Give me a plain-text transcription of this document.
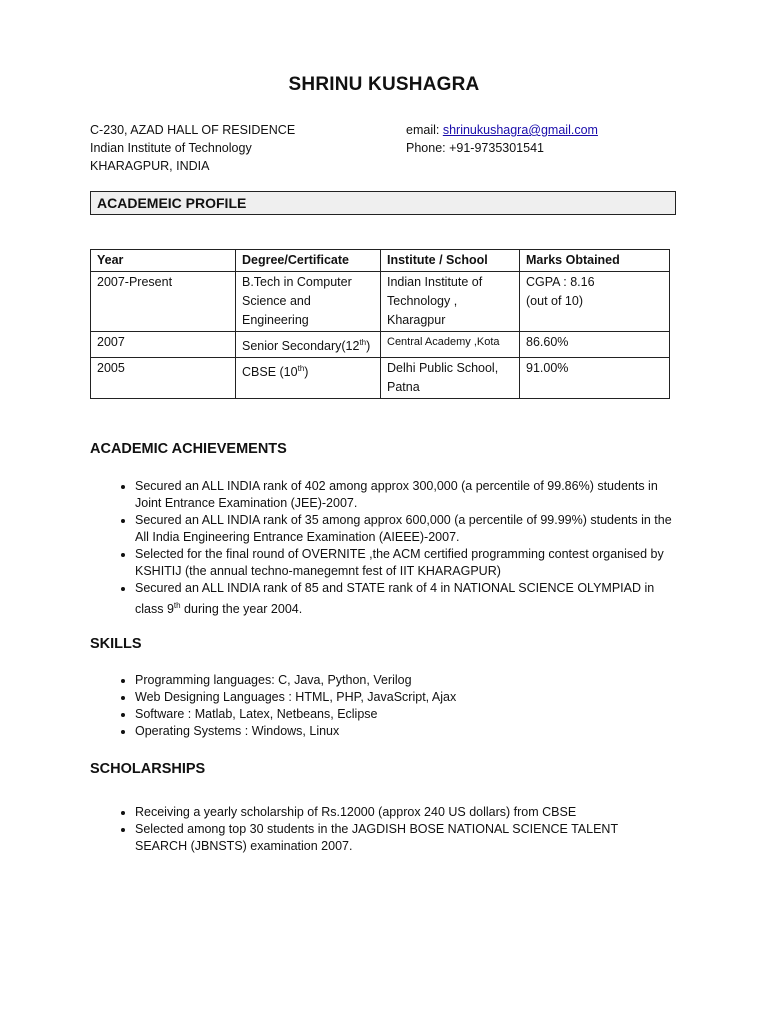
SHRINU KUSHAGRA
C-230, AZAD HALL OF RESIDENCE
Indian Institute of Technology
KHARAGPUR, INDIA
email: shrinukushagra@gmail.com
Phone: +91-9735301541
ACADEMEIC PROFILE
Year	Degree/Certificate	Institute / School	Marks Obtained
2007-Present	B.Tech in Computer Science and Engineering	Indian Institute of Technology , Kharagpur	CGPA : 8.16
(out of 10)

2007	Senior Secondary(12th)	Central Academy ,Kota	86.60%
2005	CBSE (10th)	Delhi Public School, Patna	91.00%
ACADEMIC ACHIEVEMENTS
• Secured an ALL INDIA rank of 402 among approx 300,000 (a percentile of 99.86%) students in Joint Entrance Examination (JEE)-2007.
• Secured an ALL INDIA rank of 35 among approx 600,000 (a percentile of 99.99%) students in the All India Engineering Entrance Examination (AIEEE)-2007.
• Selected for the final round of OVERNITE ,the ACM certified programming contest organised by KSHITIJ (the annual techno-manegemnt fest of IIT KHARAGPUR)
• Secured an ALL INDIA rank of 85 and STATE rank of 4 in NATIONAL SCIENCE OLYMPIAD in class 9th during the year 2004.
SKILLS
• Programming languages: C, Java, Python, Verilog
• Web Designing Languages : HTML, PHP, JavaScript, Ajax
• Software : Matlab, Latex, Netbeans, Eclipse
• Operating Systems : Windows, Linux
SCHOLARSHIPS
• Receiving a yearly scholarship of Rs.12000 (approx 240 US dollars) from CBSE
• Selected among top 30 students in the JAGDISH BOSE NATIONAL SCIENCE TALENT SEARCH (JBNSTS) examination 2007.
